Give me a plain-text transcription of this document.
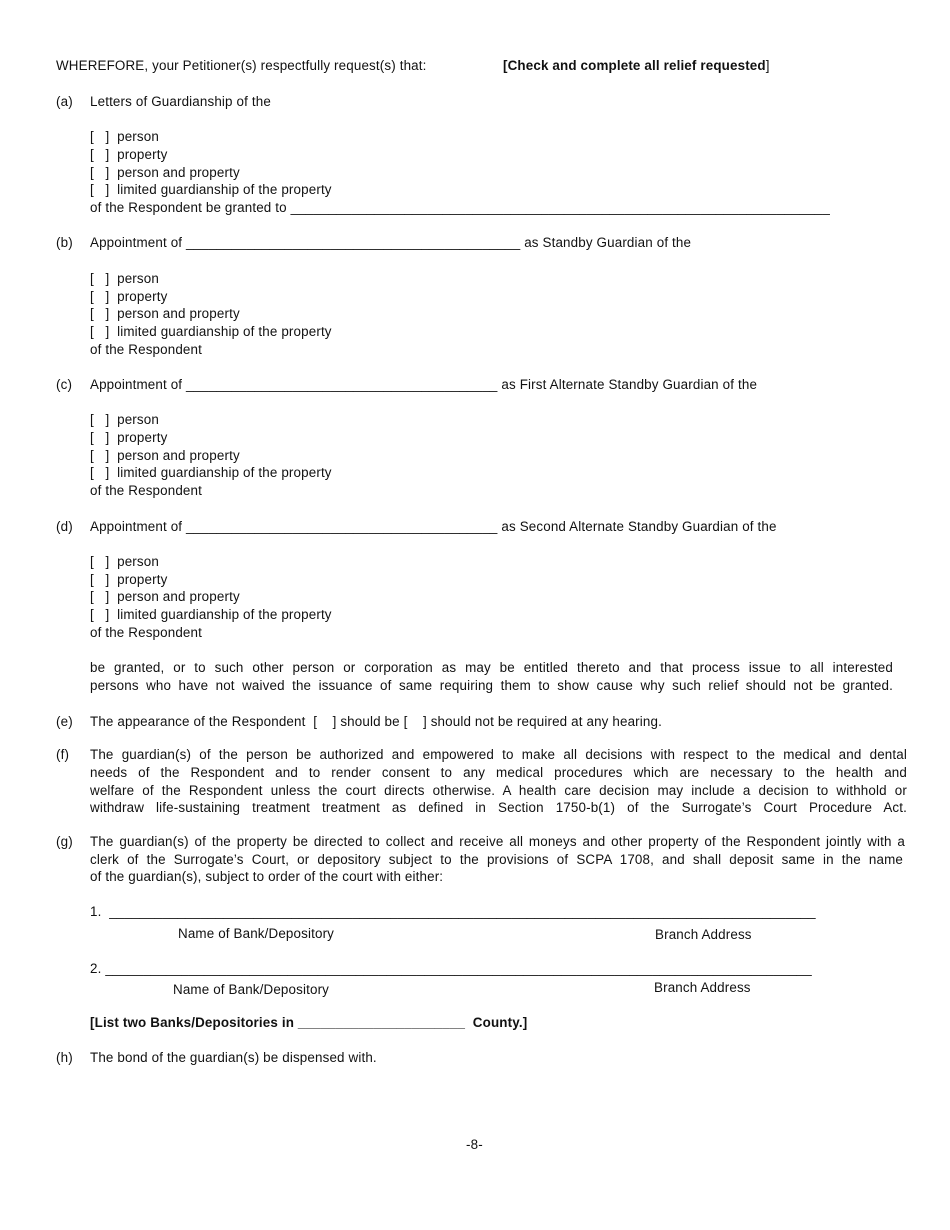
WHEREFORE, your Petitioner(s) respectfully request(s) that:	[Check and complete all relief requested]
(a) Letters of Guardianship of the
[   ]  person
[   ]  property
[   ]  person and property
[   ]  limited guardianship of the property
of the Respondent be granted to _______________________________________________________________________
(b) Appointment of ____________________________________________ as Standby Guardian of the
[   ]  person
[   ]  property
[   ]  person and property
[   ]  limited guardianship of the property
of the Respondent
(c) Appointment of _________________________________________ as First Alternate Standby Guardian of the
[   ]  person
[   ]  property
[   ]  person and property
[   ]  limited guardianship of the property
of the Respondent
(d) Appointment of _________________________________________ as Second Alternate Standby Guardian of the
[   ]  person
[   ]  property
[   ]  person and property
[   ]  limited guardianship of the property
of the Respondent
be granted, or to such other person or corporation as may be entitled thereto and that process issue to all interested
persons who have not waived the issuance of same requiring them to show cause why such relief should not be granted.
(e) The appearance of the Respondent  [    ] should be [    ] should not be required at any hearing.
(f) The guardian(s) of the person be authorized and empowered to make all decisions with respect to the medical and dental
needs of the Respondent and to render consent to any medical procedures which are necessary to the health and
welfare of the Respondent unless the court directs otherwise. A health care decision may include a decision to withhold or
withdraw life-sustaining treatment treatment as defined in Section 1750-b(1) of the Surrogate’s Court Procedure Act.
(g) The guardian(s) of the property be directed to collect and receive all moneys and other property of the Respondent jointly with a
clerk of the Surrogate’s Court, or depository subject to the provisions of SCPA 1708, and shall deposit same in the name
of the guardian(s), subject to order of the court with either:
1.  _____________________________________________________________________________________________
Name of Bank/Depository	Branch Address
2. _____________________________________________________________________________________________
Name of Bank/Depository	Branch Address
[List two Banks/Depositories in ______________________  County.]
(h) The bond of the guardian(s) be dispensed with.
-8-
